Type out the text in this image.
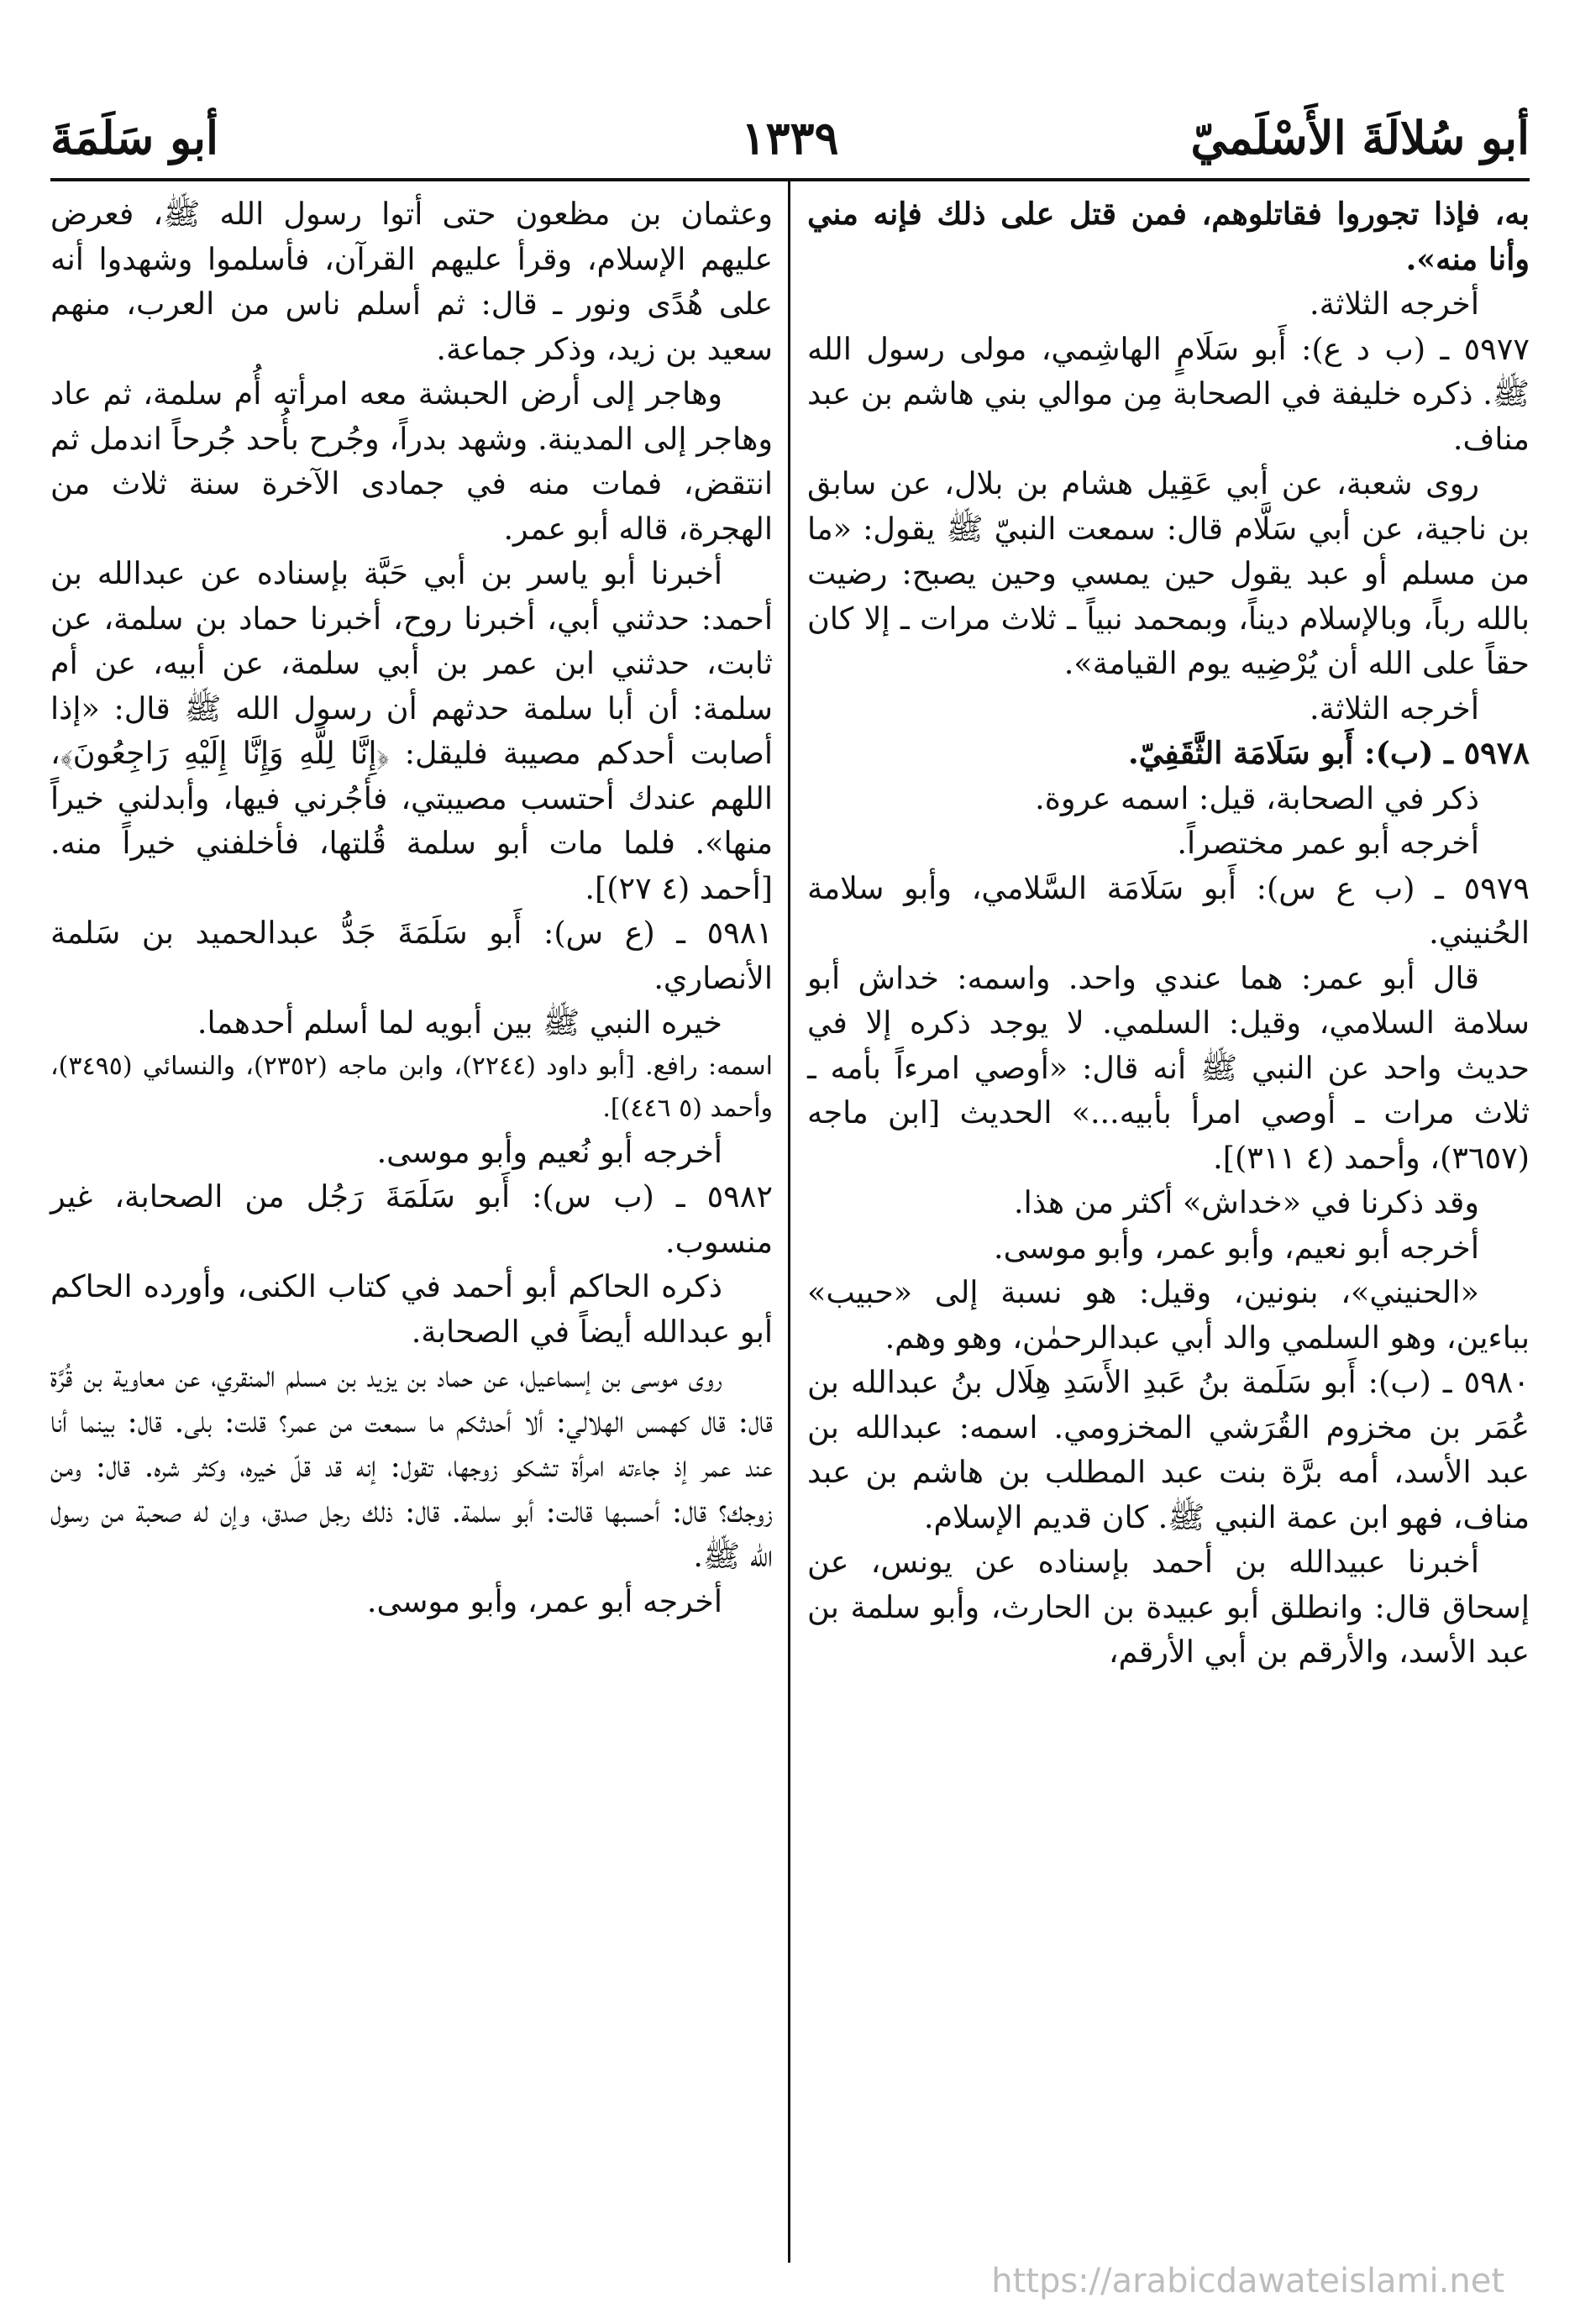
أبو سُلالَةَ الأَسْلَميّ
١٣٣٩
أبو سَلَمَةَ

به، فإذا تجوروا فقاتلوهم، فمن قتل على ذلك فإنه مني وأنا منه».

أخرجه الثلاثة.

٥٩٧٧ ـ (ب د ع): أَبو سَلَامٍ الهاشِمي، مولى رسول الله ﷺ. ذكره خليفة في الصحابة مِن موالي بني هاشم بن عبد مناف.

روى شعبة، عن أبي عَقِيل هشام بن بلال، عن سابق بن ناجية، عن أبي سَلَّام قال: سمعت النبيّ ﷺ يقول: «ما من مسلم أو عبد يقول حين يمسي وحين يصبح: رضيت بالله رباً، وبالإسلام ديناً، وبمحمد نبياً ـ ثلاث مرات ـ إلا كان حقاً على الله أن يُرْضِيه يوم القيامة».

أخرجه الثلاثة.

٥٩٧٨ ـ (ب): أَبو سَلَامَة الثَّقَفِيّ.

ذكر في الصحابة، قيل: اسمه عروة.

أخرجه أبو عمر مختصراً.

٥٩٧٩ ـ (ب ع س): أَبو سَلَامَة السَّلامي، وأبو سلامة الحُنيني.

قال أبو عمر: هما عندي واحد. واسمه: خداش أبو سلامة السلامي، وقيل: السلمي. لا يوجد ذكره إلا في حديث واحد عن النبي ﷺ أنه قال: «أوصي امرءاً بأمه ـ ثلاث مرات ـ أوصي امرأ بأبيه...» الحديث [ابن ماجه (٣٦٥٧)، وأحمد (٤ ٣١١)].

وقد ذكرنا في «خداش» أكثر من هذا.

أخرجه أبو نعيم، وأبو عمر، وأبو موسى.

«الحنيني»، بنونين، وقيل: هو نسبة إلى «حبيب» بباءين، وهو السلمي والد أبي عبدالرحمٰن، وهو وهم.

٥٩٨٠ ـ (ب): أَبو سَلَمة بنُ عَبدِ الأَسَدِ هِلَال بنُ عبدالله بن عُمَر بن مخزوم القُرَشي المخزومي. اسمه: عبدالله بن عبد الأسد، أمه برَّة بنت عبد المطلب بن هاشم بن عبد مناف، فهو ابن عمة النبي ﷺ. كان قديم الإسلام.

أخبرنا عبيدالله بن أحمد بإسناده عن يونس، عن إسحاق قال: وانطلق أبو عبيدة بن الحارث، وأبو سلمة بن عبد الأسد، والأرقم بن أبي الأرقم،

وعثمان بن مظعون حتى أتوا رسول الله ﷺ، فعرض عليهم الإسلام، وقرأ عليهم القرآن، فأسلموا وشهدوا أنه على هُدًى ونور ـ قال: ثم أسلم ناس من العرب، منهم سعيد بن زيد، وذكر جماعة.

وهاجر إلى أرض الحبشة معه امرأته أُم سلمة، ثم عاد وهاجر إلى المدينة. وشهد بدراً، وجُرح بأُحد جُرحاً اندمل ثم انتقض، فمات منه في جمادى الآخرة سنة ثلاث من الهجرة، قاله أبو عمر.

أخبرنا أبو ياسر بن أبي حَبَّة بإسناده عن عبدالله بن أحمد: حدثني أبي، أخبرنا روح، أخبرنا حماد بن سلمة، عن ثابت، حدثني ابن عمر بن أبي سلمة، عن أبيه، عن أم سلمة: أن أبا سلمة حدثهم أن رسول الله ﷺ قال: «إذا أصابت أحدكم مصيبة فليقل: ﴿إِنَّا لِلَّهِ وَإِنَّا إِلَيْهِ رَاجِعُونَ﴾، اللهم عندك أحتسب مصيبتي، فأجُرني فيها، وأبدلني خيراً منها». فلما مات أبو سلمة قُلتها، فأخلفني خيراً منه. [أحمد (٤ ٢٧)].

٥٩٨١ ـ (ع س): أَبو سَلَمَةَ جَدُّ عبدالحميد بن سَلمة الأنصاري.

خيره النبي ﷺ بين أبويه لما أسلم أحدهما.

اسمه: رافع. [أبو داود (٢٢٤٤)، وابن ماجه (٢٣٥٢)، والنسائي (٣٤٩٥)، وأحمد (٥ ٤٤٦)].

أخرجه أبو نُعيم وأبو موسى.

٥٩٨٢ ـ (ب س): أَبو سَلَمَةَ رَجُل من الصحابة، غير منسوب.

ذكره الحاكم أبو أحمد في كتاب الكنى، وأورده الحاكم أبو عبدالله أيضاً في الصحابة.

روى موسى بن إسماعيل، عن حماد بن يزيد بن مسلم المنقري، عن معاوية بن قُرَّة قال: قال كهمس الهلالي: ألا أحدثكم ما سمعت من عمر؟ قلت: بلى. قال: بينما أنا عند عمر إذ جاءته امرأة تشكو زوجها، تقول: إنه قد قلّ خيره، وكثر شره. قال: ومن زوجك؟ قال: أحسبها قالت: أبو سلمة. قال: ذلك رجل صدق، وإن له صحبة من رسول الله ﷺ.

أخرجه أبو عمر، وأبو موسى.

https://arabicdawateislami.net
